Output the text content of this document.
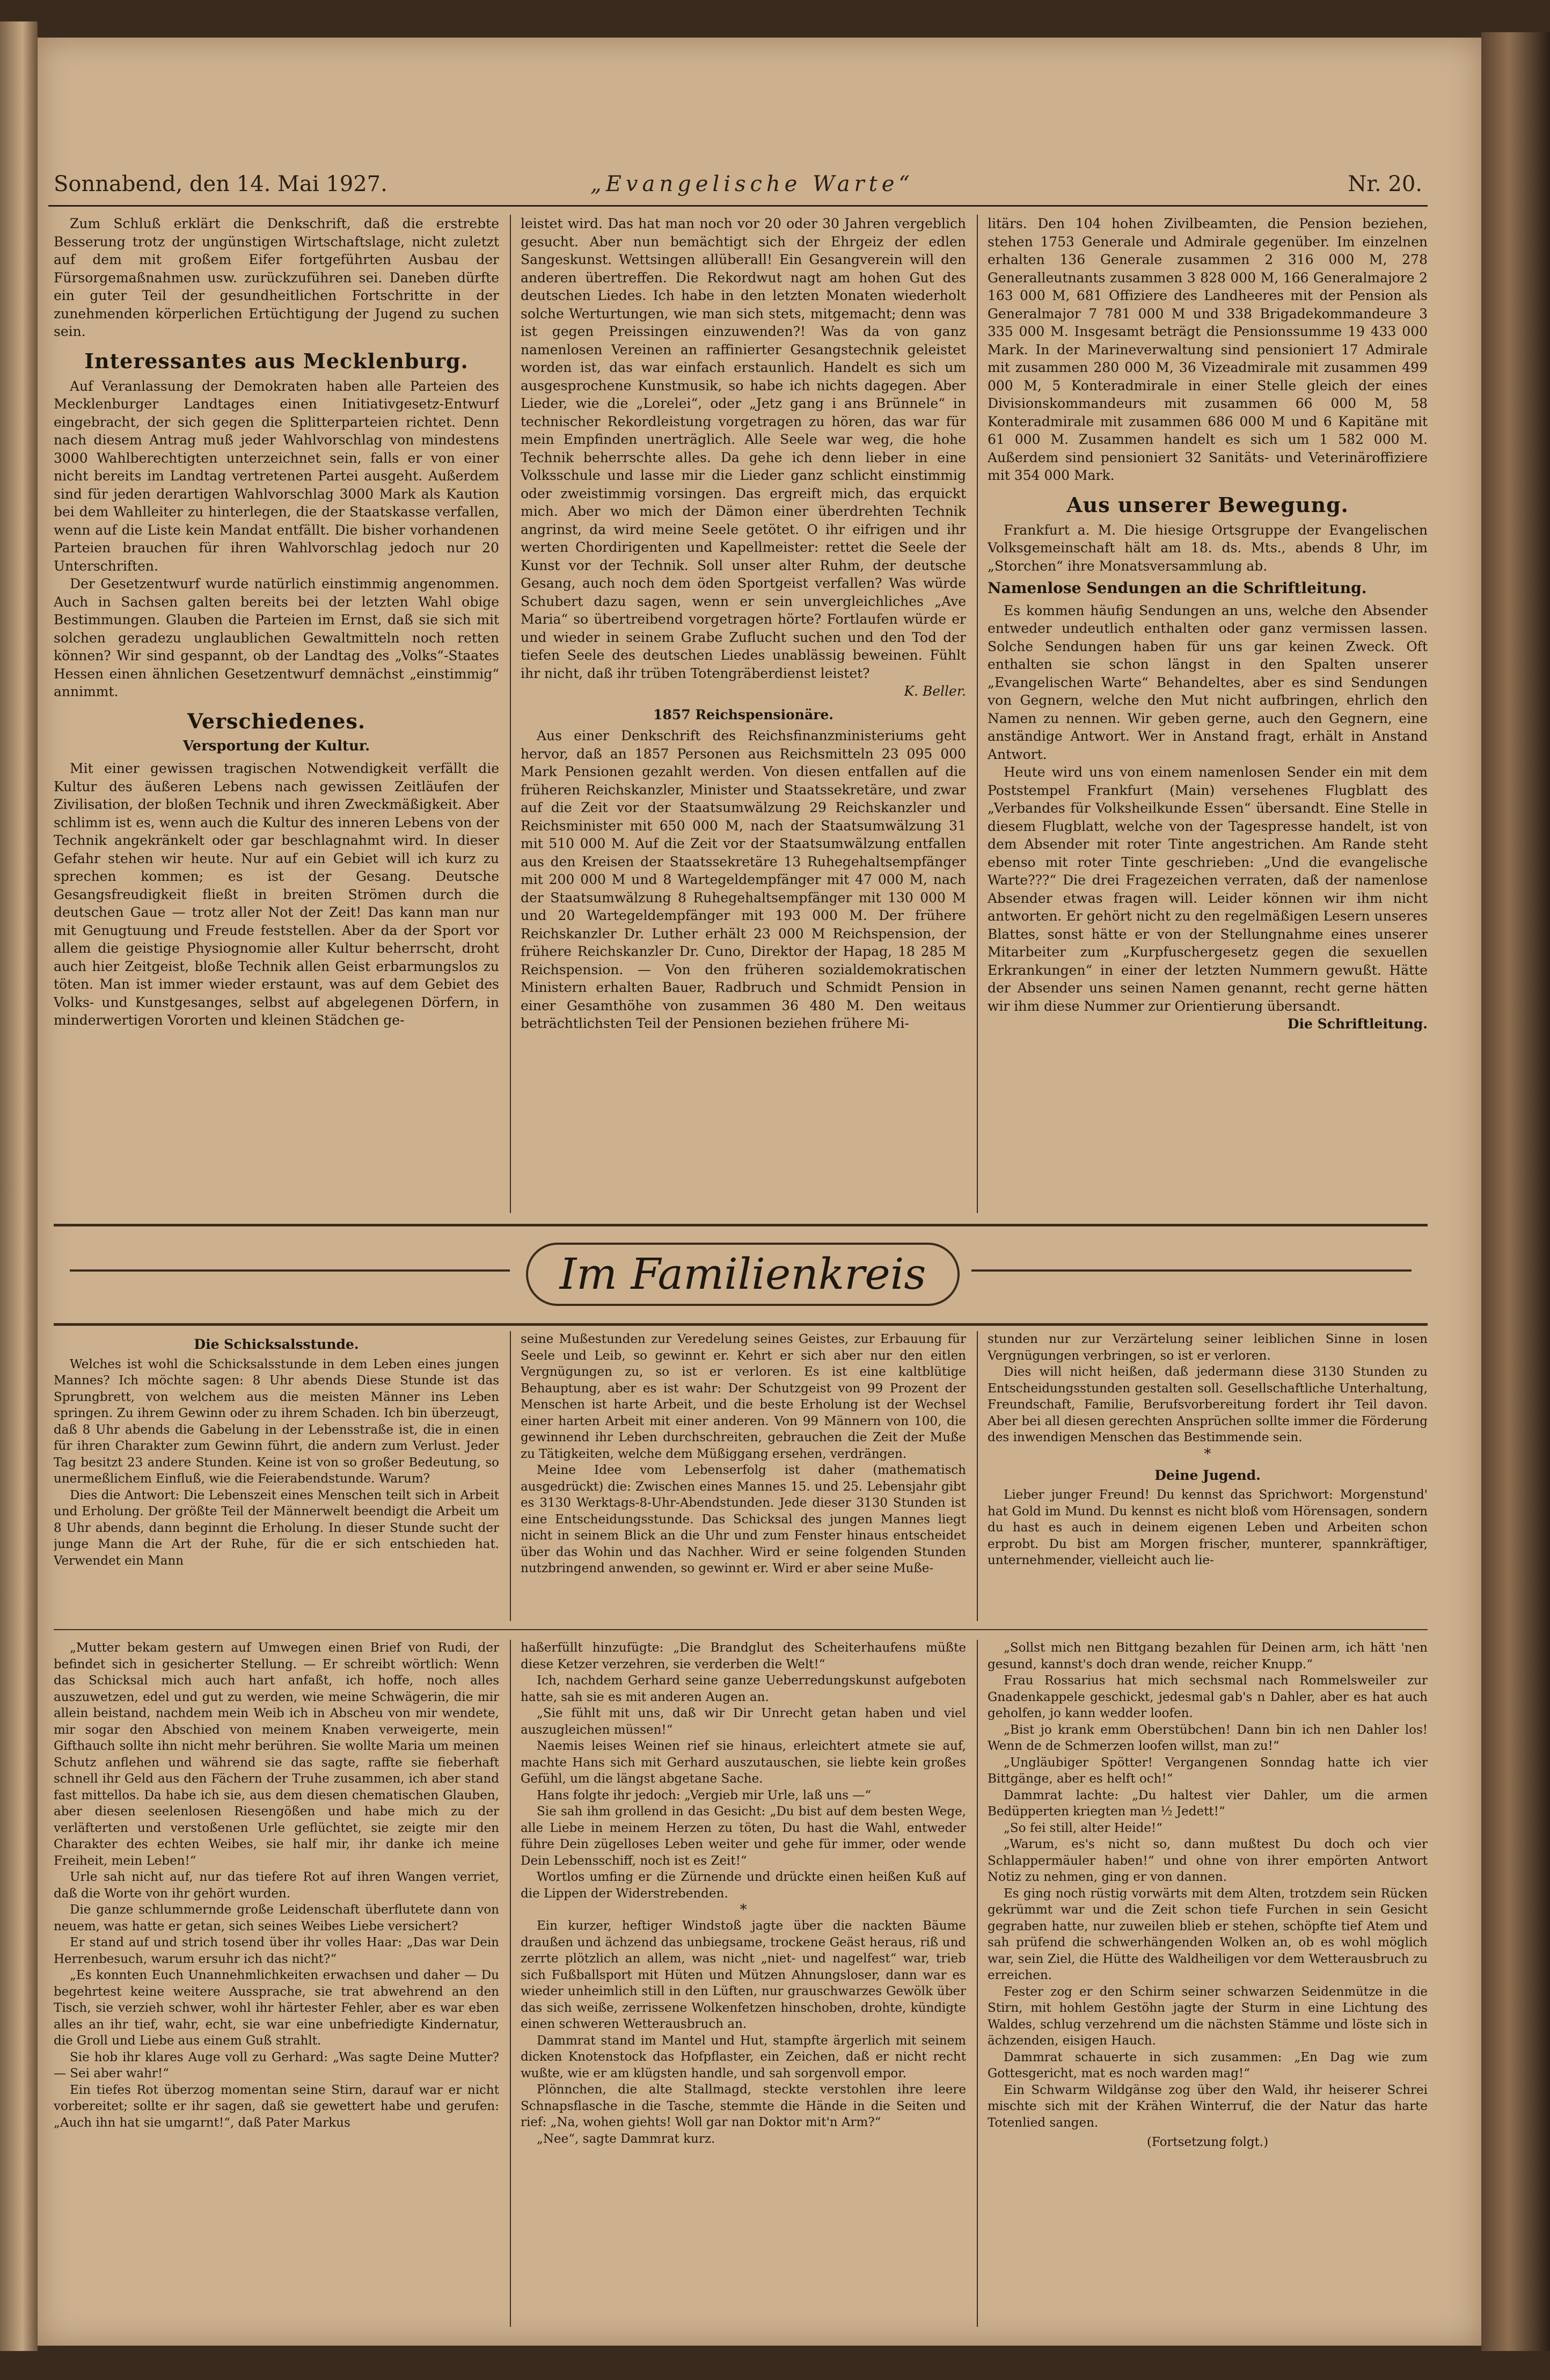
Sonnabend, den 14. Mai 1927.	„Evangelische Warte“	Nr. 20.

Zum Schluß erklärt die Denkschrift, daß die erstrebte Besserung trotz der ungünstigen Wirtschaftslage, nicht zuletzt auf dem mit großem Eifer fortgeführten Ausbau der Fürsorgemaßnahmen usw. zurückzuführen sei. Daneben dürfte ein guter Teil der gesundheitlichen Fortschritte in der zunehmenden körperlichen Ertüchtigung der Jugend zu suchen sein.

Interessantes aus Mecklenburg.

Auf Veranlassung der Demokraten haben alle Parteien des Mecklenburger Landtages einen Initiativgesetz-Entwurf eingebracht, der sich gegen die Splitterparteien richtet. Denn nach diesem Antrag muß jeder Wahlvorschlag von mindestens 3000 Wahlberechtigten unterzeichnet sein, falls er von einer nicht bereits im Landtag vertretenen Partei ausgeht. Außerdem sind für jeden derartigen Wahlvorschlag 3000 Mark als Kaution bei dem Wahlleiter zu hinterlegen, die der Staatskasse verfallen, wenn auf die Liste kein Mandat entfällt. Die bisher vorhandenen Parteien brauchen für ihren Wahlvorschlag jedoch nur 20 Unterschriften.

Der Gesetzentwurf wurde natürlich einstimmig angenommen. Auch in Sachsen galten bereits bei der letzten Wahl obige Bestimmungen. Glauben die Parteien im Ernst, daß sie sich mit solchen geradezu unglaublichen Gewaltmitteln noch retten können? Wir sind gespannt, ob der Landtag des „Volks“-Staates Hessen einen ähnlichen Gesetzentwurf demnächst „einstimmig“ annimmt.

Verschiedenes.
Versportung der Kultur.

Mit einer gewissen tragischen Notwendigkeit verfällt die Kultur des äußeren Lebens nach gewissen Zeitläufen der Zivilisation, der bloßen Technik und ihren Zweckmäßigkeit. Aber schlimm ist es, wenn auch die Kultur des inneren Lebens von der Technik angekränkelt oder gar beschlagnahmt wird. In dieser Gefahr stehen wir heute. Nur auf ein Gebiet will ich kurz zu sprechen kommen; es ist der Gesang. Deutsche Gesangsfreudigkeit fließt in breiten Strömen durch die deutschen Gaue — trotz aller Not der Zeit! Das kann man nur mit Genugtuung und Freude feststellen. Aber da der Sport vor allem die geistige Physiognomie aller Kultur beherrscht, droht auch hier Zeitgeist, bloße Technik allen Geist erbarmungslos zu töten. Man ist immer wieder erstaunt, was auf dem Gebiet des Volks- und Kunstgesanges, selbst auf abgelegenen Dörfern, in minderwertigen Vororten und kleinen Städchen ge-

leistet wird. Das hat man noch vor 20 oder 30 Jahren vergeblich gesucht. Aber nun bemächtigt sich der Ehrgeiz der edlen Sangeskunst. Wettsingen allüberall! Ein Gesangverein will den anderen übertreffen. Die Rekordwut nagt am hohen Gut des deutschen Liedes. Ich habe in den letzten Monaten wiederholt solche Werturtungen, wie man sich stets, mitgemacht; denn was ist gegen Preissingen einzuwenden?! Was da von ganz namenlosen Vereinen an raffinierter Gesangstechnik geleistet worden ist, das war einfach erstaunlich. Handelt es sich um ausgesprochene Kunstmusik, so habe ich nichts dagegen. Aber Lieder, wie die „Lorelei“, oder „Jetz gang i ans Brünnele“ in technischer Rekordleistung vorgetragen zu hören, das war für mein Empfinden unerträglich. Alle Seele war weg, die hohe Technik beherrschte alles. Da gehe ich denn lieber in eine Volksschule und lasse mir die Lieder ganz schlicht einstimmig oder zweistimmig vorsingen. Das ergreift mich, das erquickt mich. Aber wo mich der Dämon einer überdrehten Technik angrinst, da wird meine Seele getötet. O ihr eifrigen und ihr werten Chordirigenten und Kapellmeister: rettet die Seele der Kunst vor der Technik. Soll unser alter Ruhm, der deutsche Gesang, auch noch dem öden Sportgeist verfallen? Was würde Schubert dazu sagen, wenn er sein unvergleichliches „Ave Maria“ so übertreibend vorgetragen hörte? Fortlaufen würde er und wieder in seinem Grabe Zuflucht suchen und den Tod der tiefen Seele des deutschen Liedes unablässig beweinen. Fühlt ihr nicht, daß ihr trüben Totengräberdienst leistet?

K. Beller.
1857 Reichspensionäre.

Aus einer Denkschrift des Reichsfinanzministeriums geht hervor, daß an 1857 Personen aus Reichsmitteln 23 095 000 Mark Pensionen gezahlt werden. Von diesen entfallen auf die früheren Reichskanzler, Minister und Staatssekretäre, und zwar auf die Zeit vor der Staatsumwälzung 29 Reichskanzler und Reichsminister mit 650 000 M, nach der Staatsumwälzung 31 mit 510 000 M. Auf die Zeit vor der Staatsumwälzung entfallen aus den Kreisen der Staatssekretäre 13 Ruhegehaltsempfänger mit 200 000 M und 8 Wartegeldempfänger mit 47 000 M, nach der Staatsumwälzung 8 Ruhegehaltsempfänger mit 130 000 M und 20 Wartegeldempfänger mit 193 000 M. Der frühere Reichskanzler Dr. Luther erhält 23 000 M Reichspension, der frühere Reichskanzler Dr. Cuno, Direktor der Hapag, 18 285 M Reichspension. — Von den früheren sozialdemokratischen Ministern erhalten Bauer, Radbruch und Schmidt Pension in einer Gesamthöhe von zusammen 36 480 M. Den weitaus beträchtlichsten Teil der Pensionen beziehen frühere Mi-

litärs. Den 104 hohen Zivilbeamten, die Pension beziehen, stehen 1753 Generale und Admirale gegenüber. Im einzelnen erhalten 136 Generale zusammen 2 316 000 M, 278 Generalleutnants zusammen 3 828 000 M, 166 Generalmajore 2 163 000 M, 681 Offiziere des Landheeres mit der Pension als Generalmajor 7 781 000 M und 338 Brigadekommandeure 3 335 000 M. Insgesamt beträgt die Pensionssumme 19 433 000 Mark. In der Marineverwaltung sind pensioniert 17 Admirale mit zusammen 280 000 M, 36 Vizeadmirale mit zusammen 499 000 M, 5 Konteradmirale in einer Stelle gleich der eines Divisionskommandeurs mit zusammen 66 000 M, 58 Konteradmirale mit zusammen 686 000 M und 6 Kapitäne mit 61 000 M. Zusammen handelt es sich um 1 582 000 M. Außerdem sind pensioniert 32 Sanitäts- und Veterinäroffiziere mit 354 000 Mark.

Aus unserer Bewegung.

Frankfurt a. M. Die hiesige Ortsgruppe der Evangelischen Volksgemeinschaft hält am 18. ds. Mts., abends 8 Uhr, im „Storchen“ ihre Monatsversammlung ab.

Namenlose Sendungen an die Schriftleitung.

Es kommen häufig Sendungen an uns, welche den Absender entweder undeutlich enthalten oder ganz vermissen lassen. Solche Sendungen haben für uns gar keinen Zweck. Oft enthalten sie schon längst in den Spalten unserer „Evangelischen Warte“ Behandeltes, aber es sind Sendungen von Gegnern, welche den Mut nicht aufbringen, ehrlich den Namen zu nennen. Wir geben gerne, auch den Gegnern, eine anständige Antwort. Wer in Anstand fragt, erhält in Anstand Antwort.

Heute wird uns von einem namenlosen Sender ein mit dem Poststempel Frankfurt (Main) versehenes Flugblatt des „Verbandes für Volksheilkunde Essen“ übersandt. Eine Stelle in diesem Flugblatt, welche von der Tagespresse handelt, ist von dem Absender mit roter Tinte angestrichen. Am Rande steht ebenso mit roter Tinte geschrieben: „Und die evangelische Warte???“ Die drei Fragezeichen verraten, daß der namenlose Absender etwas fragen will. Leider können wir ihm nicht antworten. Er gehört nicht zu den regelmäßigen Lesern unseres Blattes, sonst hätte er von der Stellungnahme eines unserer Mitarbeiter zum „Kurpfuschergesetz gegen die sexuellen Erkrankungen“ in einer der letzten Nummern gewußt. Hätte der Absender uns seinen Namen genannt, recht gerne hätten wir ihm diese Nummer zur Orientierung übersandt.

Die Schriftleitung.
Im Familienkreis
Die Schicksalsstunde.

Welches ist wohl die Schicksalsstunde in dem Leben eines jungen Mannes? Ich möchte sagen: 8 Uhr abends Diese Stunde ist das Sprungbrett, von welchem aus die meisten Männer ins Leben springen. Zu ihrem Gewinn oder zu ihrem Schaden. Ich bin überzeugt, daß 8 Uhr abends die Gabelung in der Lebensstraße ist, die in einen für ihren Charakter zum Gewinn führt, die andern zum Verlust. Jeder Tag besitzt 23 andere Stunden. Keine ist von so großer Bedeutung, so unermeßlichem Einfluß, wie die Feierabendstunde. Warum?

Dies die Antwort: Die Lebenszeit eines Menschen teilt sich in Arbeit und Erholung. Der größte Teil der Männerwelt beendigt die Arbeit um 8 Uhr abends, dann beginnt die Erholung. In dieser Stunde sucht der junge Mann die Art der Ruhe, für die er sich entschieden hat. Verwendet ein Mann

seine Mußestunden zur Veredelung seines Geistes, zur Erbauung für Seele und Leib, so gewinnt er. Kehrt er sich aber nur den eitlen Vergnügungen zu, so ist er verloren. Es ist eine kaltblütige Behauptung, aber es ist wahr: Der Schutzgeist von 99 Prozent der Menschen ist harte Arbeit, und die beste Erholung ist der Wechsel einer harten Arbeit mit einer anderen. Von 99 Männern von 100, die gewinnend ihr Leben durchschreiten, gebrauchen die Zeit der Muße zu Tätigkeiten, welche dem Müßiggang ersehen, verdrängen.

Meine Idee vom Lebenserfolg ist daher (mathematisch ausgedrückt) die: Zwischen eines Mannes 15. und 25. Lebensjahr gibt es 3130 Werktags-8-Uhr-Abendstunden. Jede dieser 3130 Stunden ist eine Entscheidungsstunde. Das Schicksal des jungen Mannes liegt nicht in seinem Blick an die Uhr und zum Fenster hinaus entscheidet über das Wohin und das Nachher. Wird er seine folgenden Stunden nutzbringend anwenden, so gewinnt er. Wird er aber seine Muße-

stunden nur zur Verzärtelung seiner leiblichen Sinne in losen Vergnügungen verbringen, so ist er verloren.

Dies will nicht heißen, daß jedermann diese 3130 Stunden zu Entscheidungsstunden gestalten soll. Gesellschaftliche Unterhaltung, Freundschaft, Familie, Berufsvorbereitung fordert ihr Teil davon. Aber bei all diesen gerechten Ansprüchen sollte immer die Förderung des inwendigen Menschen das Bestimmende sein.

*
Deine Jugend.

Lieber junger Freund! Du kennst das Sprichwort: Morgenstund' hat Gold im Mund. Du kennst es nicht bloß vom Hörensagen, sondern du hast es auch in deinem eigenen Leben und Arbeiten schon erprobt. Du bist am Morgen frischer, munterer, spannkräftiger, unternehmender, vielleicht auch lie-

„Mutter bekam gestern auf Umwegen einen Brief von Rudi, der befindet sich in gesicherter Stellung. — Er schreibt wörtlich: Wenn das Schicksal mich auch hart anfaßt, ich hoffe, noch alles auszuwetzen, edel und gut zu werden, wie meine Schwägerin, die mir allein beistand, nachdem mein Weib ich in Abscheu von mir wendete, mir sogar den Abschied von meinem Knaben verweigerte, mein Gifthauch sollte ihn nicht mehr berühren. Sie wollte Maria um meinen Schutz anflehen und während sie das sagte, raffte sie fieberhaft schnell ihr Geld aus den Fächern der Truhe zusammen, ich aber stand fast mittellos. Da habe ich sie, aus dem diesen chematischen Glauben, aber diesen seelenlosen Riesengößen und habe mich zu der verläfterten und verstoßenen Urle geflüchtet, sie zeigte mir den Charakter des echten Weibes, sie half mir, ihr danke ich meine Freiheit, mein Leben!“

Urle sah nicht auf, nur das tiefere Rot auf ihren Wangen verriet, daß die Worte von ihr gehört wurden.

Die ganze schlummernde große Leidenschaft überflutete dann von neuem, was hatte er getan, sich seines Weibes Liebe versichert?

Er stand auf und strich tosend über ihr volles Haar: „Das war Dein Herrenbesuch, warum ersuhr ich das nicht?“

„Es konnten Euch Unannehmlichkeiten erwachsen und daher — Du begehrtest keine weitere Aussprache, sie trat abwehrend an den Tisch, sie verzieh schwer, wohl ihr härtester Fehler, aber es war eben alles an ihr tief, wahr, echt, sie war eine unbefriedigte Kindernatur, die Groll und Liebe aus einem Guß strahlt.

Sie hob ihr klares Auge voll zu Gerhard: „Was sagte Deine Mutter? — Sei aber wahr!“

Ein tiefes Rot überzog momentan seine Stirn, darauf war er nicht vorbereitet; sollte er ihr sagen, daß sie gewettert habe und gerufen: „Auch ihn hat sie umgarnt!“, daß Pater Markus

haßerfüllt hinzufügte: „Die Brandglut des Scheiterhaufens müßte diese Ketzer verzehren, sie verderben die Welt!“

Ich, nachdem Gerhard seine ganze Ueberredungskunst aufgeboten hatte, sah sie es mit anderen Augen an.

„Sie fühlt mit uns, daß wir Dir Unrecht getan haben und viel auszugleichen müssen!“

Naemis leises Weinen rief sie hinaus, erleichtert atmete sie auf, machte Hans sich mit Gerhard auszutauschen, sie liebte kein großes Gefühl, um die längst abgetane Sache.

Hans folgte ihr jedoch: „Vergieb mir Urle, laß uns —“

Sie sah ihm grollend in das Gesicht: „Du bist auf dem besten Wege, alle Liebe in meinem Herzen zu töten, Du hast die Wahl, entweder führe Dein zügelloses Leben weiter und gehe für immer, oder wende Dein Lebensschiff, noch ist es Zeit!“

Wortlos umfing er die Zürnende und drückte einen heißen Kuß auf die Lippen der Widerstrebenden.

*

Ein kurzer, heftiger Windstoß jagte über die nackten Bäume draußen und ächzend das unbiegsame, trockene Geäst heraus, riß und zerrte plötzlich an allem, was nicht „niet- und nagelfest“ war, trieb sich Fußballsport mit Hüten und Mützen Ahnungsloser, dann war es wieder unheimlich still in den Lüften, nur grauschwarzes Gewölk über das sich weiße, zerrissene Wolkenfetzen hinschoben, drohte, kündigte einen schweren Wetterausbruch an.

Dammrat stand im Mantel und Hut, stampfte ärgerlich mit seinem dicken Knotenstock das Hofpflaster, ein Zeichen, daß er nicht recht wußte, wie er am klügsten handle, und sah sorgenvoll empor.

Plönnchen, die alte Stallmagd, steckte verstohlen ihre leere Schnapsflasche in die Tasche, stemmte die Hände in die Seiten und rief: „Na, wohen giehts! Woll gar nan Doktor mit'n Arm?“

„Nee“, sagte Dammrat kurz.

„Sollst mich nen Bittgang bezahlen für Deinen arm, ich hätt 'nen gesund, kannst's doch dran wende, reicher Knupp.“

Frau Rossarius hat mich sechsmal nach Rommelsweiler zur Gnadenkappele geschickt, jedesmal gab's n Dahler, aber es hat auch geholfen, jo kann wedder loofen.

„Bist jo krank emm Oberstübchen! Dann bin ich nen Dahler los! Wenn de de Schmerzen loofen willst, man zu!“

„Ungläubiger Spötter! Vergangenen Sonndag hatte ich vier Bittgänge, aber es helft och!“

Dammrat lachte: „Du haltest vier Dahler, um die armen Bedüpperten kriegten man ½ Jedett!“

„So fei still, alter Heide!“

„Warum, es's nicht so, dann mußtest Du doch och vier Schlappermäuler haben!“ und ohne von ihrer empörten Antwort Notiz zu nehmen, ging er von dannen.

Es ging noch rüstig vorwärts mit dem Alten, trotzdem sein Rücken gekrümmt war und die Zeit schon tiefe Furchen in sein Gesicht gegraben hatte, nur zuweilen blieb er stehen, schöpfte tief Atem und sah prüfend die schwerhängenden Wolken an, ob es wohl möglich war, sein Ziel, die Hütte des Waldheiligen vor dem Wetterausbruch zu erreichen.

Fester zog er den Schirm seiner schwarzen Seidenmütze in die Stirn, mit hohlem Gestöhn jagte der Sturm in eine Lichtung des Waldes, schlug verzehrend um die nächsten Stämme und löste sich in ächzenden, eisigen Hauch.

Dammrat schauerte in sich zusammen: „En Dag wie zum Gottesgericht, mat es noch warden mag!“

Ein Schwarm Wildgänse zog über den Wald, ihr heiserer Schrei mischte sich mit der Krähen Winterruf, die der Natur das harte Totenlied sangen.

(Fortsetzung folgt.)
